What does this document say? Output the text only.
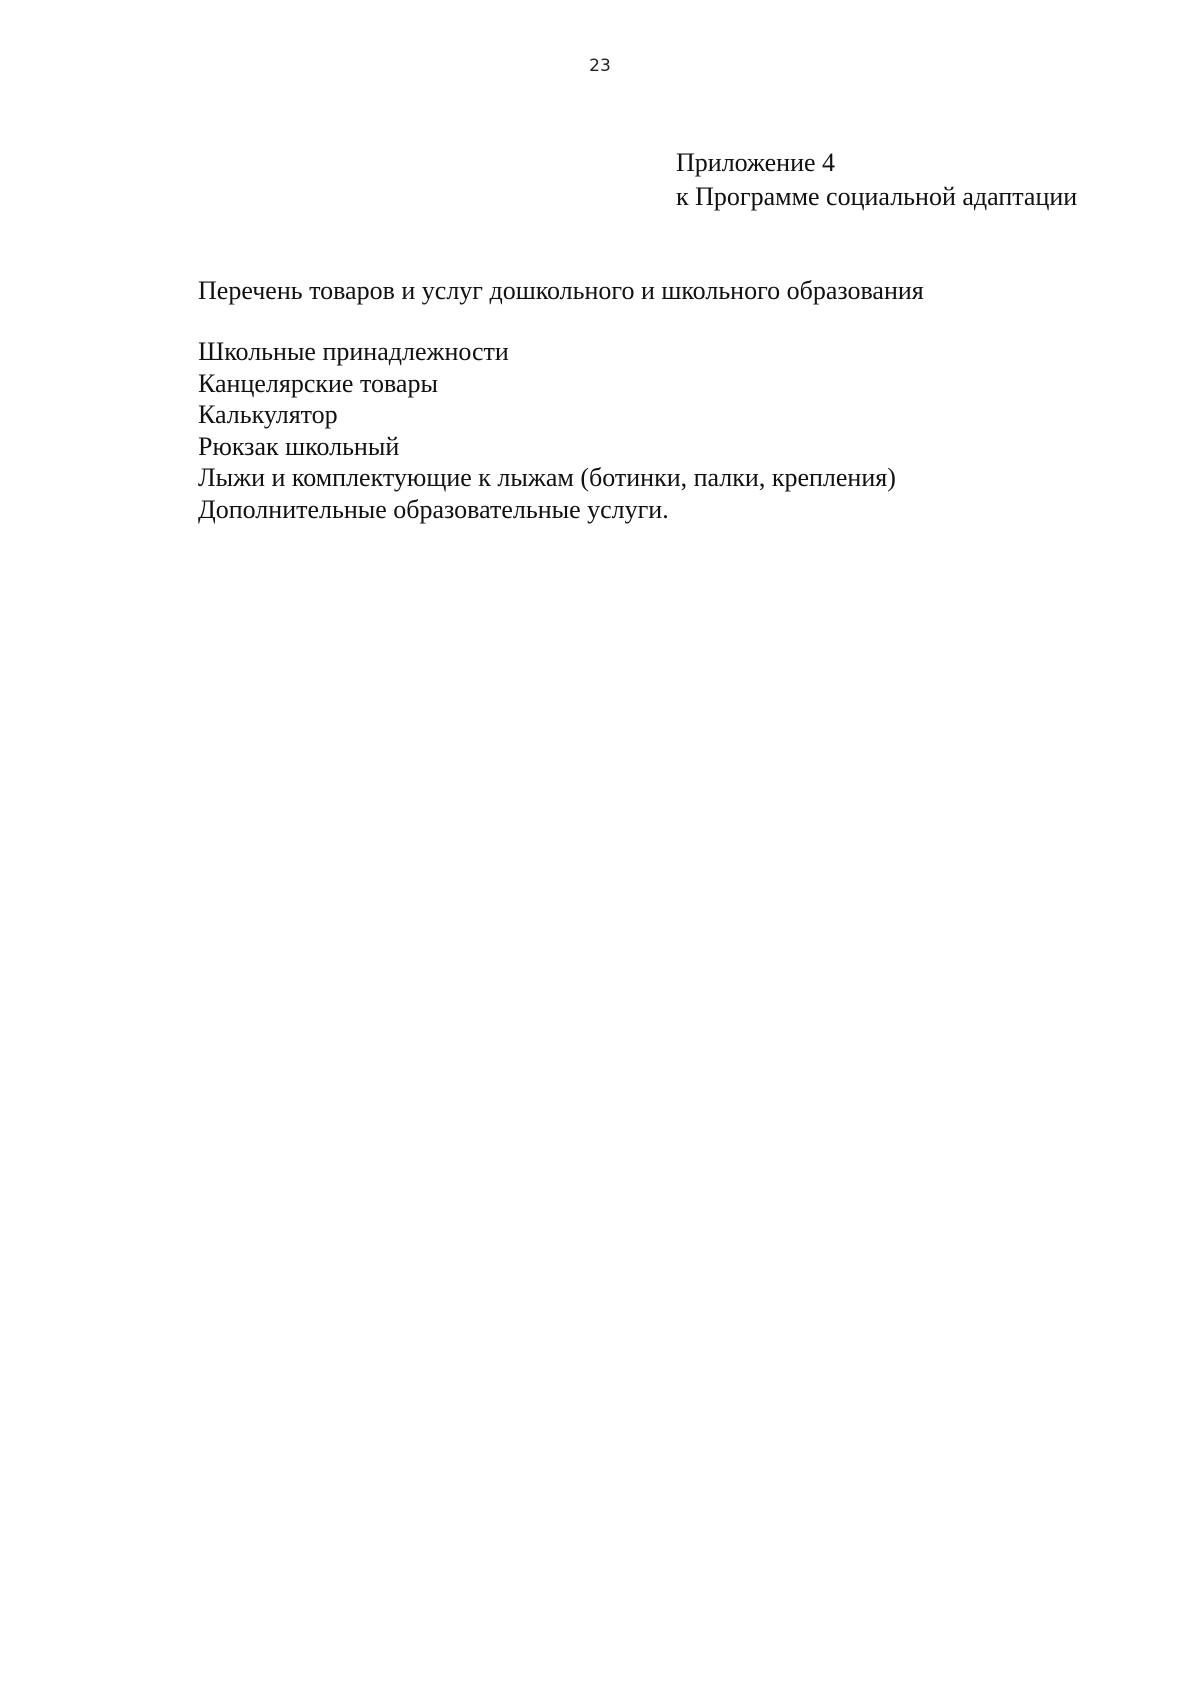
23
Приложение 4
к Программе социальной адаптации
Перечень товаров и услуг дошкольного и школьного образования
Школьные принадлежности
Канцелярские товары
Калькулятор
Рюкзак школьный
Лыжи и комплектующие к лыжам (ботинки, палки, крепления)
Дополнительные образовательные услуги.
